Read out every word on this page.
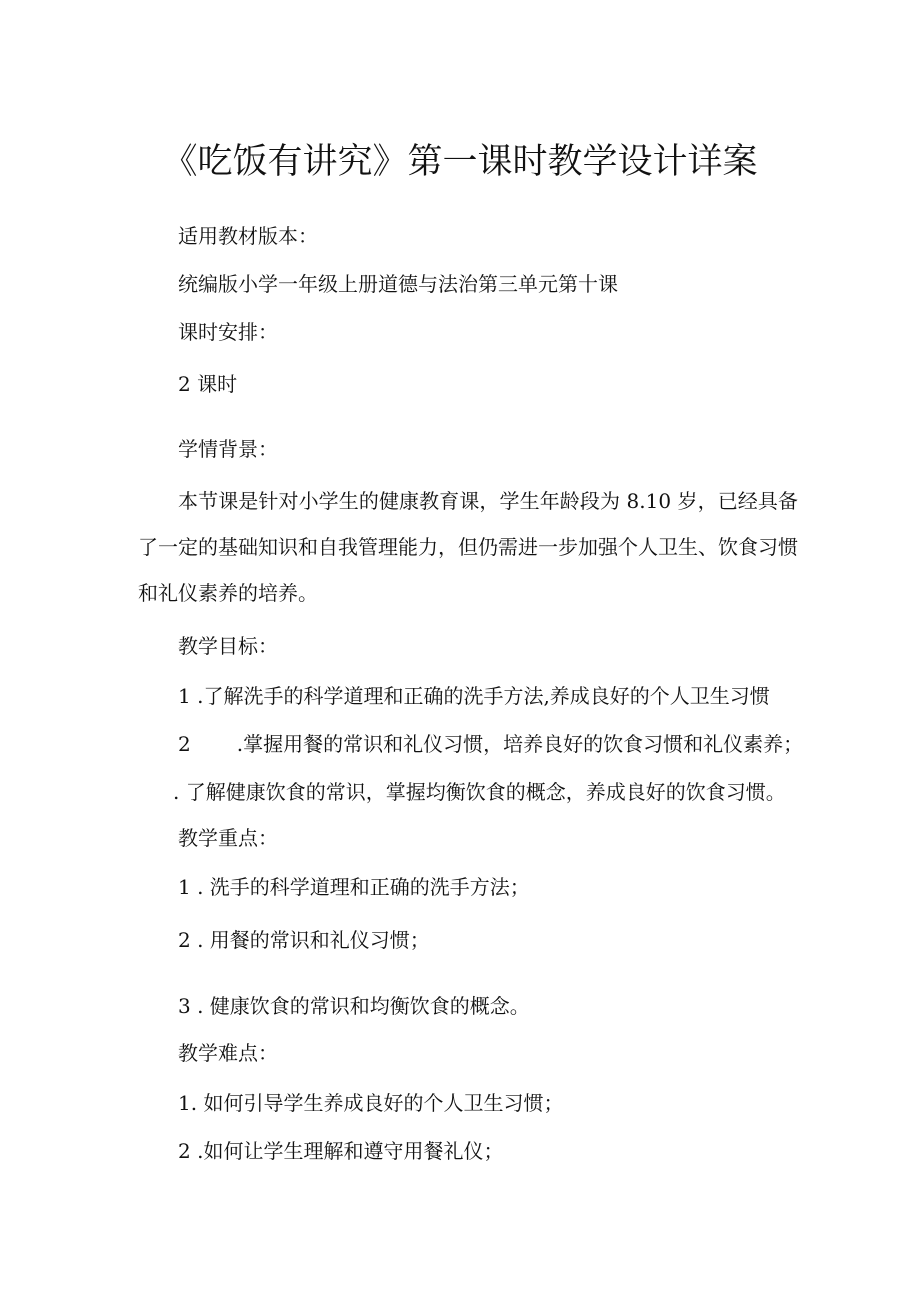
《吃饭有讲究》第一课时教学设计详案
适用教材版本：
统编版小学一年级上册道德与法治第三单元第十课
课时安排：
2 课时
学情背景：
本节课是针对小学生的健康教育课，学生年龄段为 8.10 岁，已经具备了一定的基础知识和自我管理能力，但仍需进一步加强个人卫生、饮食习惯和礼仪素养的培养。
教学目标：
1 .了解洗手的科学道理和正确的洗手方法,养成良好的个人卫生习惯
2 .掌握用餐的常识和礼仪习惯，培养良好的饮食习惯和礼仪素养；
. 了解健康饮食的常识，掌握均衡饮食的概念，养成良好的饮食习惯。
教学重点：
1 . 洗手的科学道理和正确的洗手方法；
2 . 用餐的常识和礼仪习惯；
3 . 健康饮食的常识和均衡饮食的概念。
教学难点：
1. 如何引导学生养成良好的个人卫生习惯；
2 .如何让学生理解和遵守用餐礼仪；
